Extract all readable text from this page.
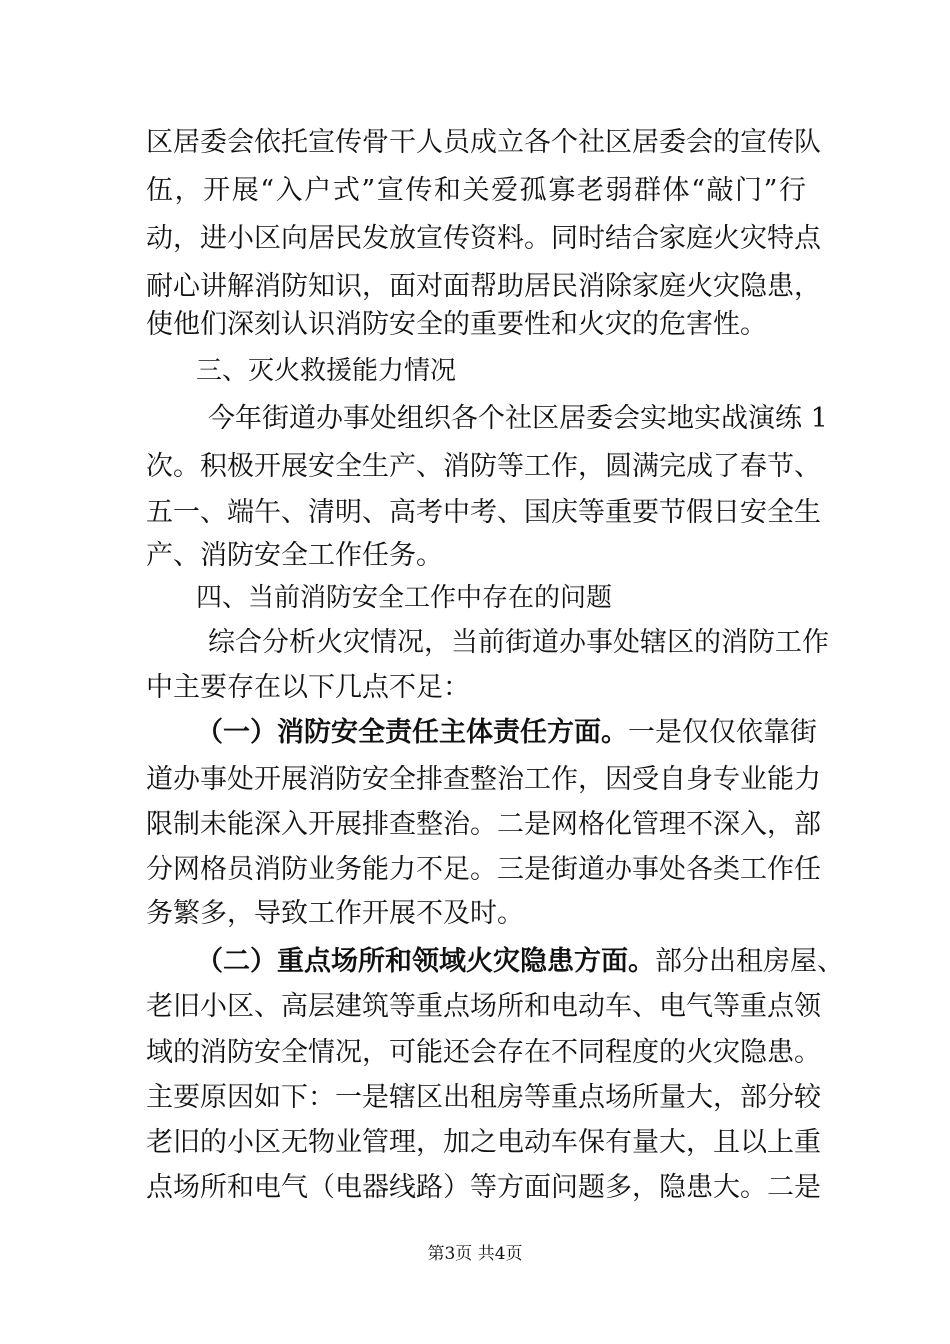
区居委会依托宣传骨干人员成立各个社区居委会的宣传队
伍，开展“入户式”宣传和关爱孤寡老弱群体“敲门”行
动，进小区向居民发放宣传资料。同时结合家庭火灾特点
耐心讲解消防知识，面对面帮助居民消除家庭火灾隐患，
使他们深刻认识消防安全的重要性和火灾的危害性。
三、灭火救援能力情况
今年街道办事处组织各个社区居委会实地实战演练 1
次。积极开展安全生产、消防等工作，圆满完成了春节、
五一、端午、清明、高考中考、国庆等重要节假日安全生
产、消防安全工作任务。
四、当前消防安全工作中存在的问题
综合分析火灾情况，当前街道办事处辖区的消防工作
中主要存在以下几点不足：
（一）消防安全责任主体责任方面。一是仅仅依靠街
道办事处开展消防安全排查整治工作，因受自身专业能力
限制未能深入开展排查整治。二是网格化管理不深入，部
分网格员消防业务能力不足。三是街道办事处各类工作任
务繁多，导致工作开展不及时。
（二）重点场所和领域火灾隐患方面。部分出租房屋、
老旧小区、高层建筑等重点场所和电动车、电气等重点领
域的消防安全情况，可能还会存在不同程度的火灾隐患。
主要原因如下：一是辖区出租房等重点场所量大，部分较
老旧的小区无物业管理，加之电动车保有量大，且以上重
点场所和电气（电器线路）等方面问题多，隐患大。二是
第3页 共4页
